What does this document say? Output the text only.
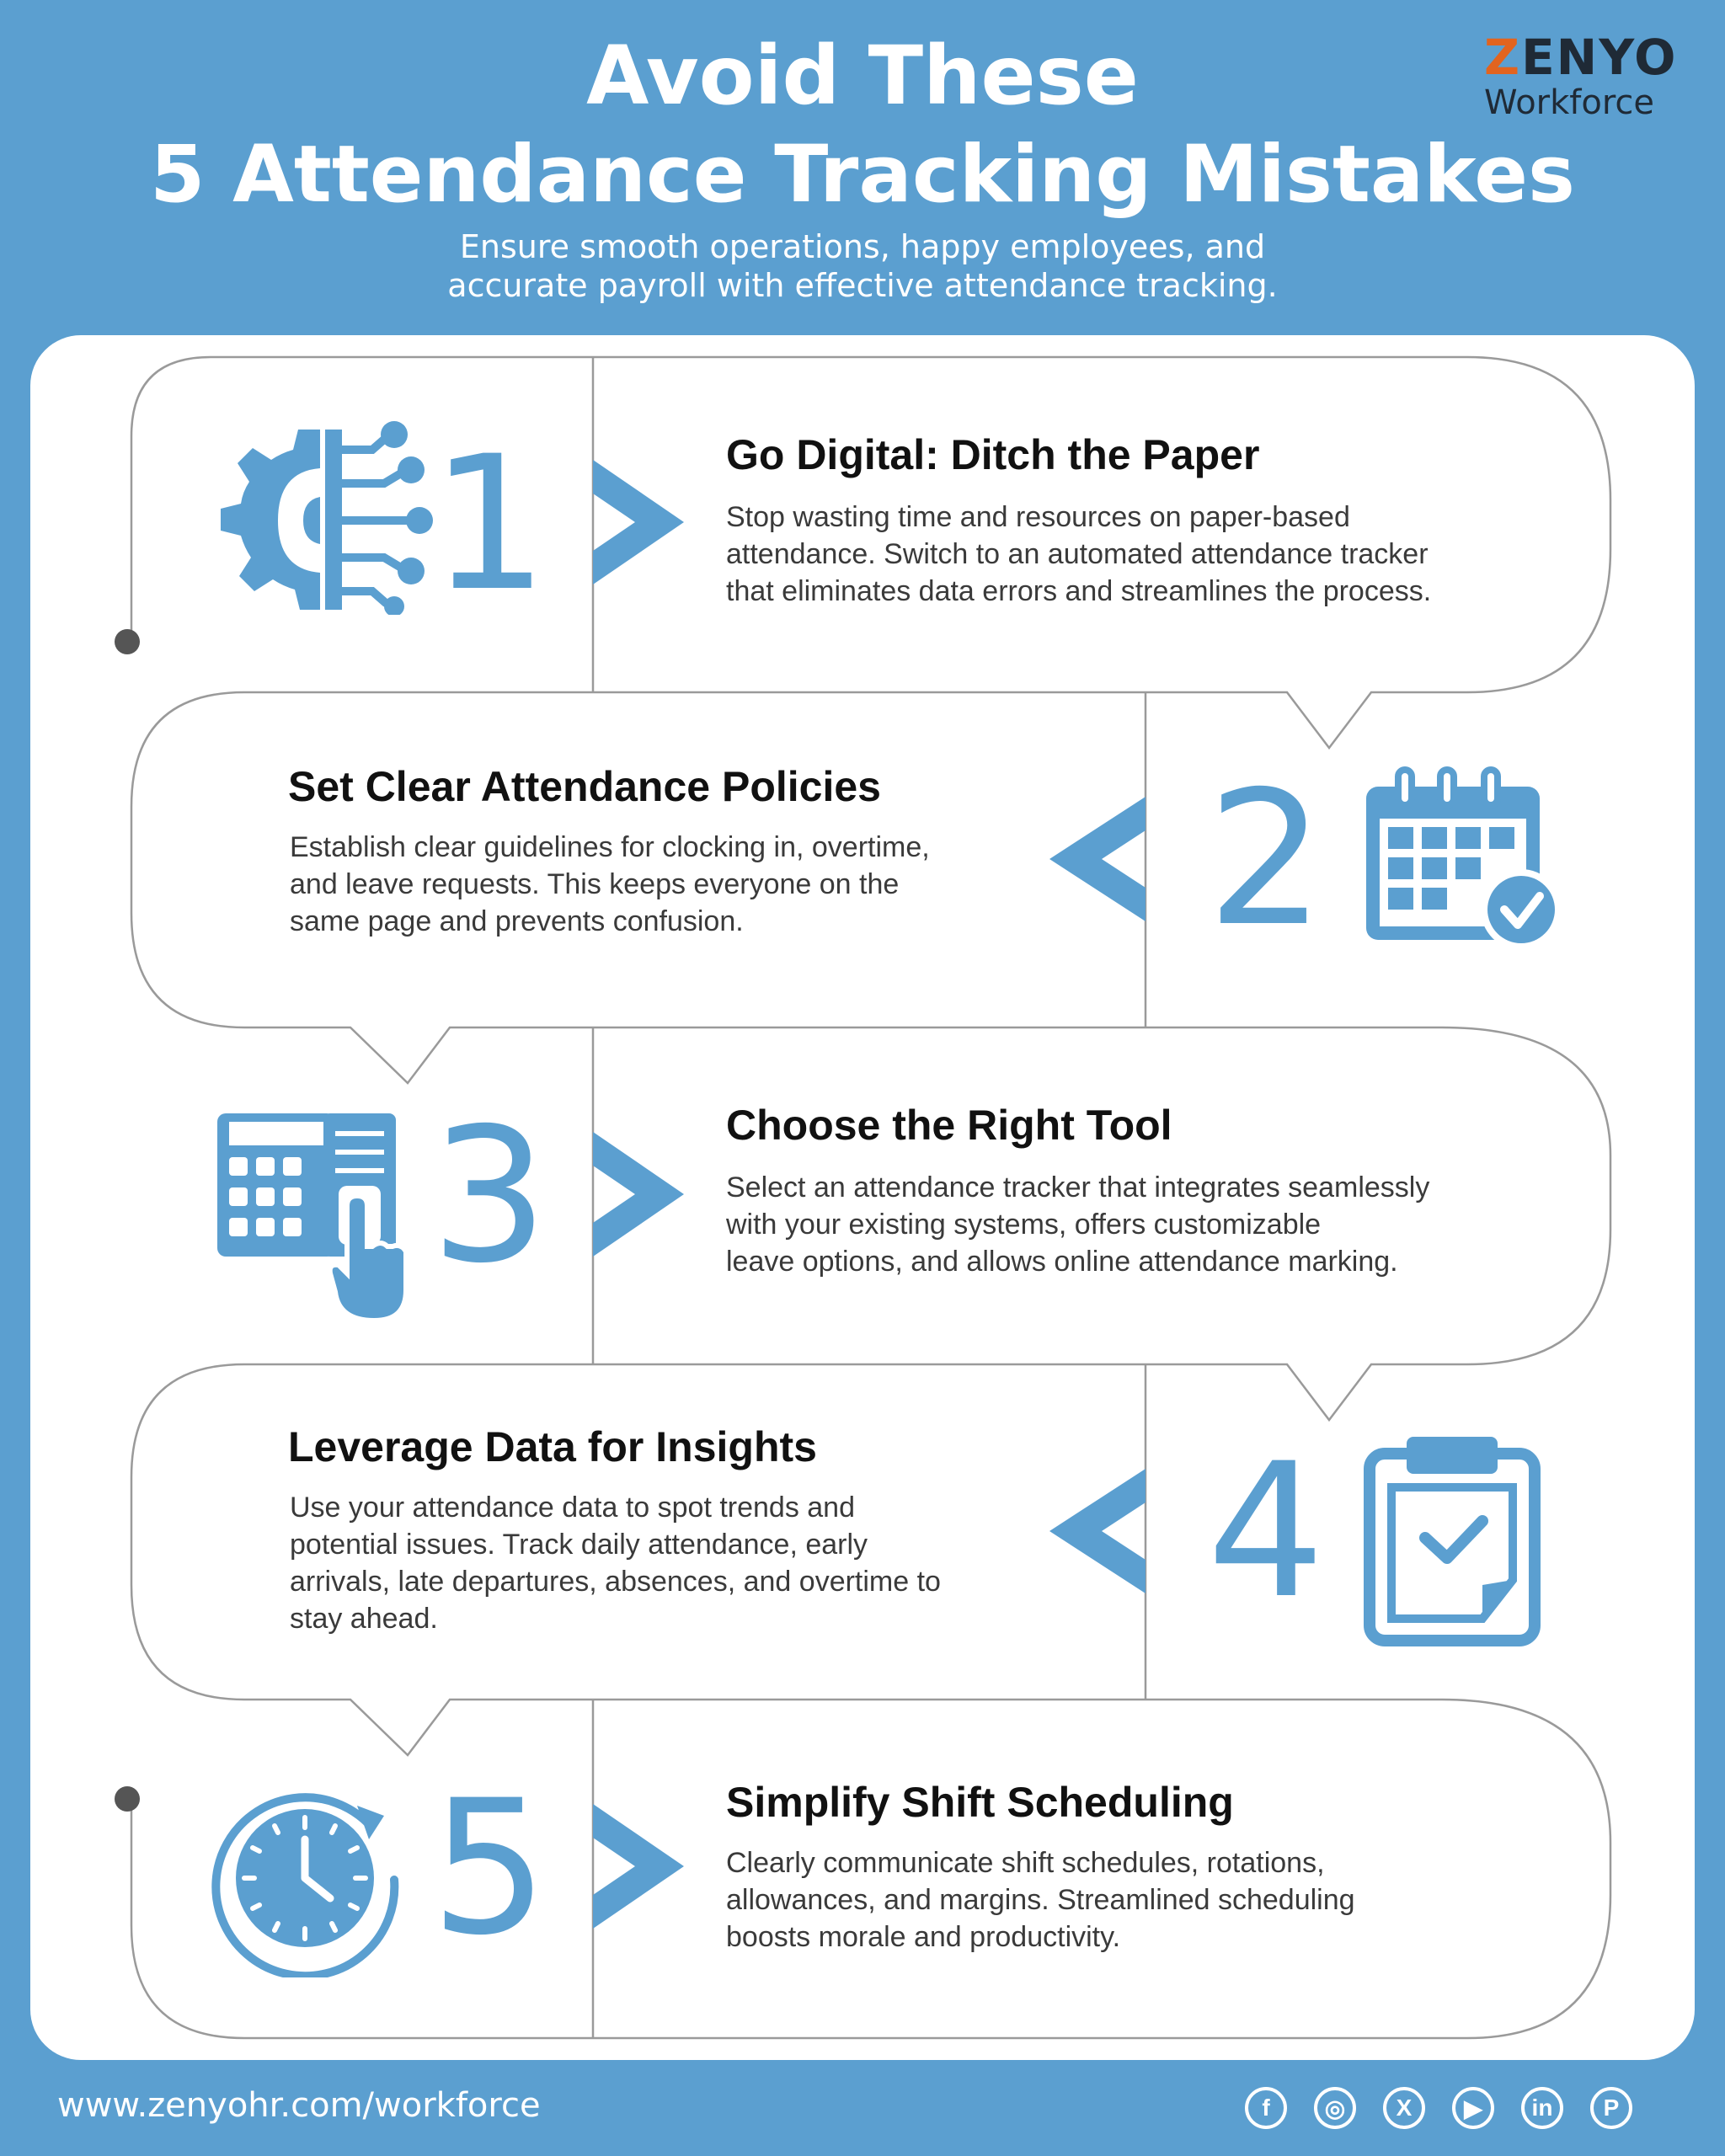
Avoid These
5 Attendance Tracking Mistakes
Ensure smooth operations, happy employees, and
accurate payroll with effective attendance tracking.
ZENYO
Workforce
1	Go Digital: Ditch the Paper
Stop wasting time and resources on paper-based
attendance. Switch to an automated attendance tracker
that eliminates data errors and streamlines the process.
Set Clear Attendance Policies
Establish clear guidelines for clocking in, overtime,
and leave requests. This keeps everyone on the
same page and prevents confusion.	2
3	Choose the Right Tool
Select an attendance tracker that integrates seamlessly
with your existing systems, offers customizable
leave options, and allows online attendance marking.
Leverage Data for Insights
Use your attendance data to spot trends and
potential issues. Track daily attendance, early
arrivals, late departures, absences, and overtime to
stay ahead.	4
5	Simplify Shift Scheduling
Clearly communicate shift schedules, rotations,
allowances, and margins. Streamlined scheduling
boosts morale and productivity.
www.zenyohr.com/workforce	f	◎	X	▶	in	P
